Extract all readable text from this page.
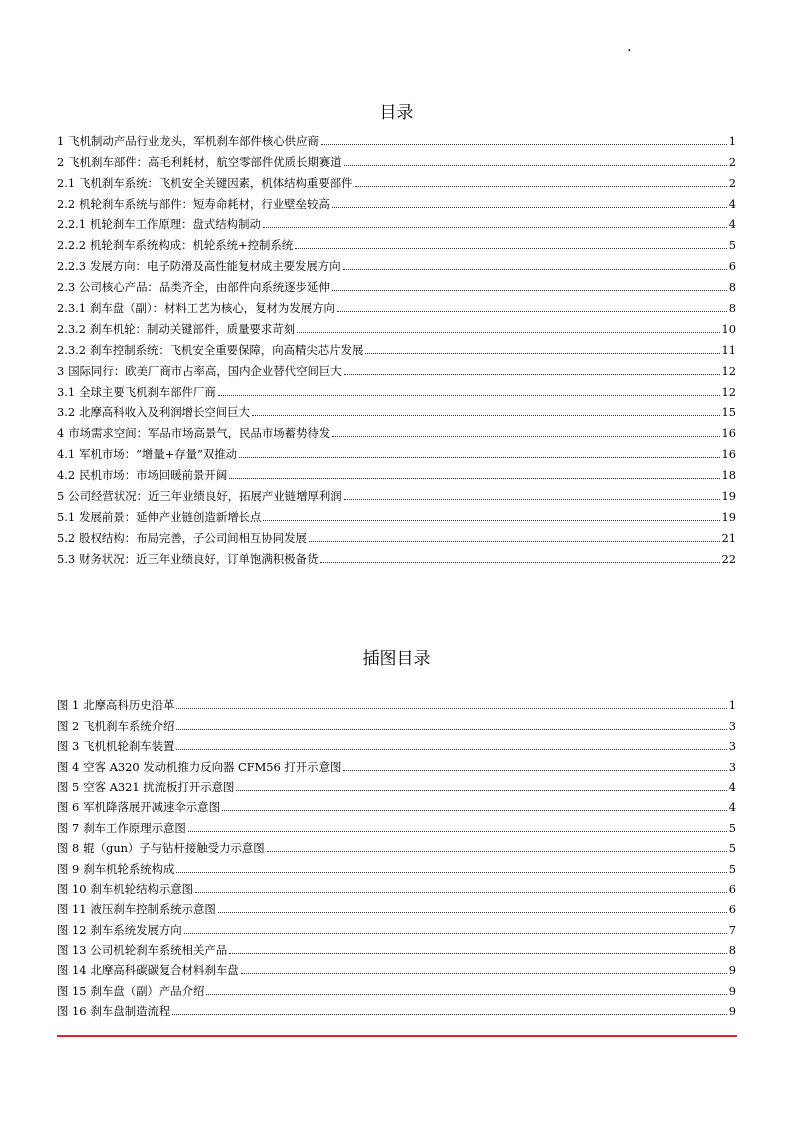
·
目录
1 飞机制动产品行业龙头，军机刹车部件核心供应商	1
2 飞机刹车部件：高毛利耗材，航空零部件优质长期赛道	2
2.1 飞机刹车系统：飞机安全关键因素，机体结构重要部件	2
2.2 机轮刹车系统与部件：短寿命耗材，行业壁垒较高	4
2.2.1 机轮刹车工作原理：盘式结构制动	4
2.2.2 机轮刹车系统构成：机轮系统+控制系统	5
2.2.3 发展方向：电子防滑及高性能复材成主要发展方向	6
2.3 公司核心产品：品类齐全，由部件向系统逐步延伸	8
2.3.1 刹车盘（副）：材料工艺为核心，复材为发展方向	8
2.3.2 刹车机轮：制动关键部件，质量要求苛刻	10
2.3.2 刹车控制系统：飞机安全重要保障，向高精尖芯片发展	11
3 国际同行：欧美厂商市占率高，国内企业替代空间巨大	12
3.1 全球主要飞机刹车部件厂商	12
3.2 北摩高科收入及利润增长空间巨大	15
4 市场需求空间：军品市场高景气，民品市场蓄势待发	16
4.1 军机市场：“增量+存量”双推动	16
4.2 民机市场：市场回暖前景开阔	18
5 公司经营状况：近三年业绩良好，拓展产业链增厚利润	19
5.1 发展前景：延伸产业链创造新增长点	19
5.2 股权结构：布局完善，子公司间相互协同发展	21
5.3 财务状况：近三年业绩良好，订单饱满积极备货	22
插图目录
图 1 北摩高科历史沿革	1
图 2 飞机刹车系统介绍	3
图 3 飞机机轮刹车装置	3
图 4 空客 A320 发动机推力反向器 CFM56 打开示意图	3
图 5 空客 A321 扰流板打开示意图	4
图 6 军机降落展开减速伞示意图	4
图 7 刹车工作原理示意图	5
图 8 辊（gun）子与钻杆接触受力示意图	5
图 9 刹车机轮系统构成	5
图 10 刹车机轮结构示意图	6
图 11 液压刹车控制系统示意图	6
图 12 刹车系统发展方向	7
图 13 公司机轮刹车系统相关产品	8
图 14 北摩高科碳碳复合材料刹车盘	9
图 15 刹车盘（副）产品介绍	9
图 16 刹车盘制造流程	9
